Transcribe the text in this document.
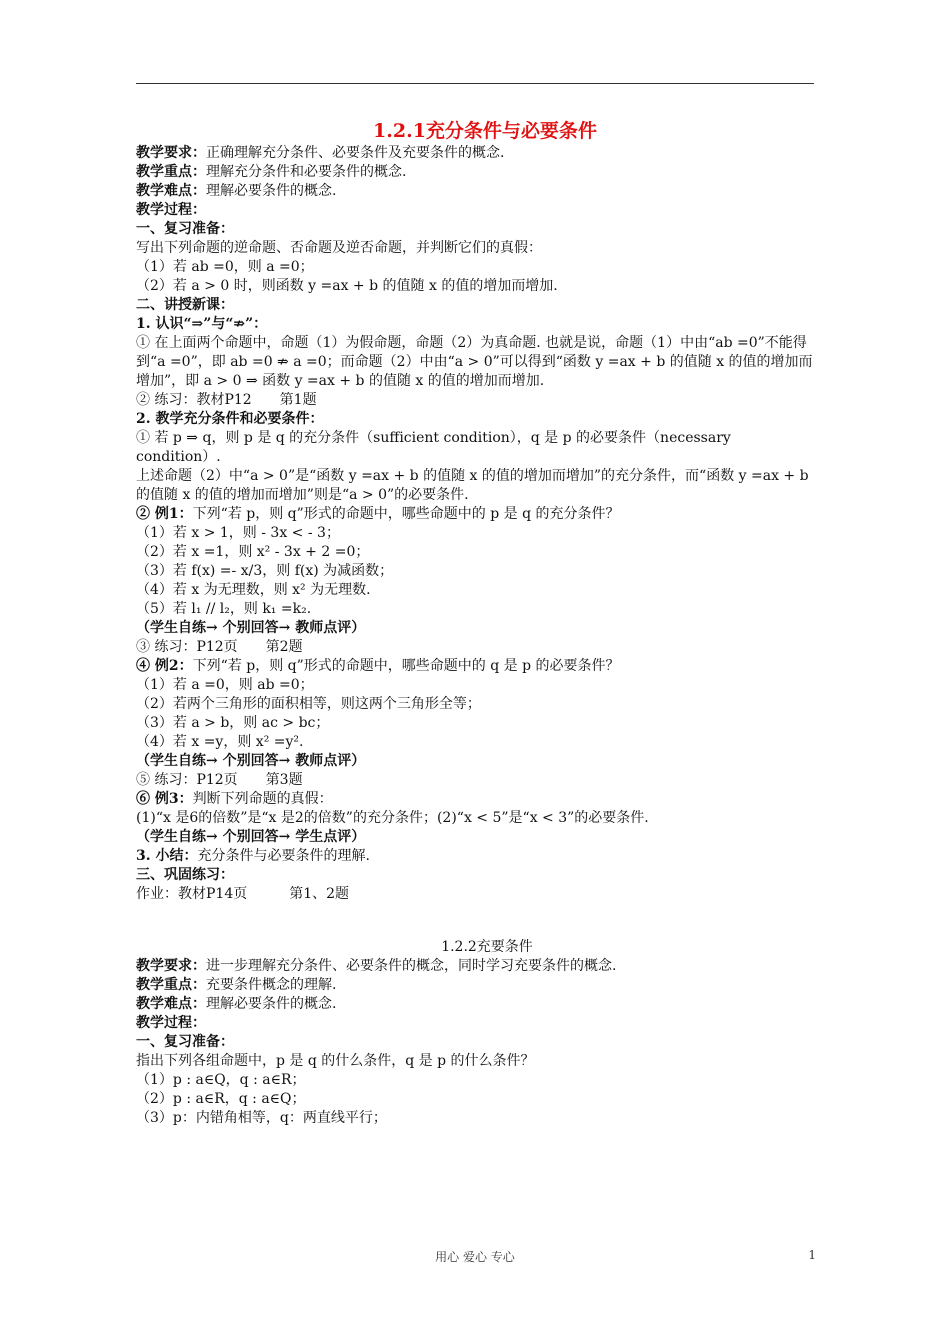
1.2.1充分条件与必要条件
教学要求：正确理解充分条件、必要条件及充要条件的概念.
教学重点：理解充分条件和必要条件的概念.
教学难点：理解必要条件的概念.
教学过程：
一、复习准备：
写出下列命题的逆命题、否命题及逆否命题，并判断它们的真假：
（1）若 ab =0，则 a =0；
（2）若 a > 0 时，则函数 y =ax + b 的值随 x 的值的增加而增加.
二、讲授新课：
1. 认识“⇒”与“⇏”：
① 在上面两个命题中，命题（1）为假命题，命题（2）为真命题. 也就是说，命题（1）中由“ab =0”不能得到“a =0”，即 ab =0 ⇏ a =0；而命题（2）中由“a > 0”可以得到“函数 y =ax + b 的值随 x 的值的增加而增加”，即 a > 0 ⇒ 函数 y =ax + b 的值随 x 的值的增加而增加.
② 练习：教材P12　　第1题
2. 教学充分条件和必要条件：
① 若 p ⇒ q，则 p 是 q 的充分条件（sufficient condition），q 是 p 的必要条件（necessary condition）.
上述命题（2）中“a > 0”是“函数 y =ax + b 的值随 x 的值的增加而增加”的充分条件，而“函数 y =ax + b 的值随 x 的值的增加而增加”则是“a > 0”的必要条件.
② 例1：下列“若 p，则 q”形式的命题中，哪些命题中的 p 是 q 的充分条件？
（1）若 x > 1，则 - 3x < - 3；
（2）若 x =1，则 x² - 3x + 2 =0；
（3）若 f(x) =- x/3，则 f(x) 为减函数；
（4）若 x 为无理数，则 x² 为无理数.
（5）若 l₁ // l₂，则 k₁ =k₂.
（学生自练→ 个别回答→ 教师点评）
③ 练习：P12页　　第2题
④ 例2：下列“若 p，则 q”形式的命题中，哪些命题中的 q 是 p 的必要条件？
（1）若 a =0，则 ab =0；
（2）若两个三角形的面积相等，则这两个三角形全等；
（3）若 a > b，则 ac > bc；
（4）若 x =y，则 x² =y².
（学生自练→ 个别回答→ 教师点评）
⑤ 练习：P12页　　第3题
⑥ 例3：判断下列命题的真假：
(1)“x 是6的倍数”是“x 是2的倍数”的充分条件；(2)“x < 5”是“x < 3”的必要条件.
（学生自练→ 个别回答→ 学生点评）
3. 小结：充分条件与必要条件的理解.
三、巩固练习：
作业：教材P14页　　　第1、2题
1.2.2充要条件
教学要求：进一步理解充分条件、必要条件的概念，同时学习充要条件的概念.
教学重点：充要条件概念的理解.
教学难点：理解必要条件的概念.
教学过程：
一、复习准备：
指出下列各组命题中，p 是 q 的什么条件，q 是 p 的什么条件？
（1）p : a∈Q，q : a∈R；
（2）p : a∈R，q : a∈Q；
（3）p：内错角相等，q：两直线平行；
用心 爱心 专心	1
